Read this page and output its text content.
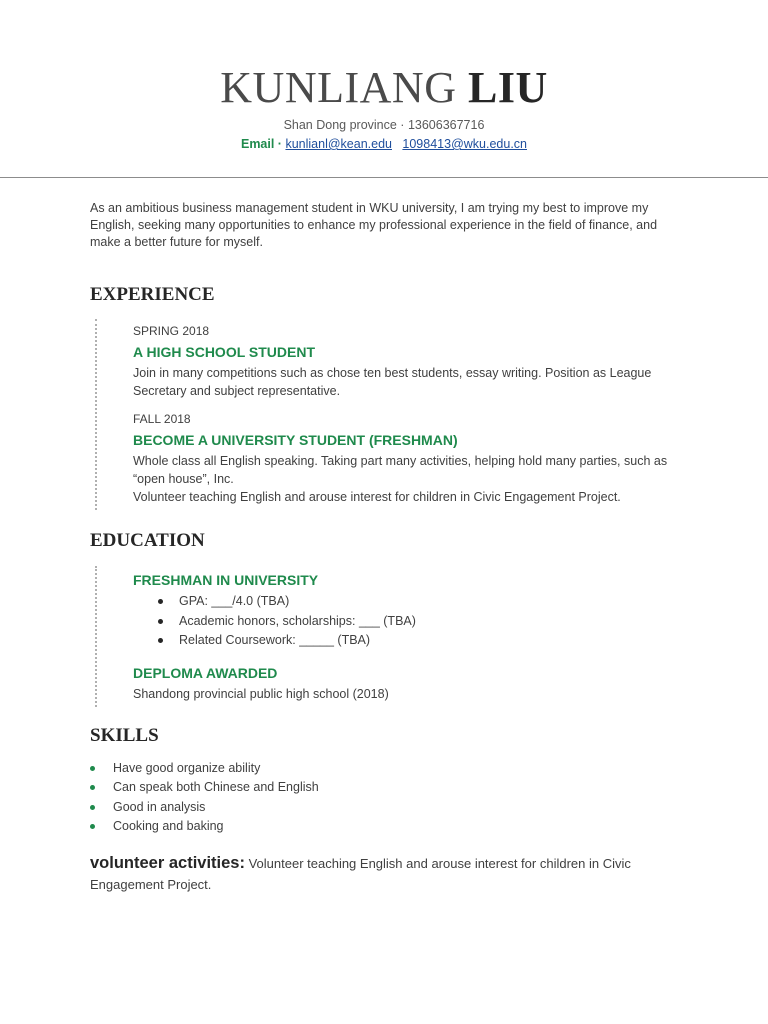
KUNLIANG LIU
Shan Dong province · 13606367716
Email · kunlianl@kean.edu 1098413@wku.edu.cn

As an ambitious business management student in WKU university, I am trying my best to improve my English, seeking many opportunities to enhance my professional experience in the field of finance, and make a better future for myself.

EXPERIENCE
SPRING 2018
A HIGH SCHOOL STUDENT
Join in many competitions such as chose ten best students, essay writing. Position as League Secretary and subject representative.
FALL 2018
BECOME A UNIVERSITY STUDENT (FRESHMAN)
Whole class all English speaking. Taking part many activities, helping hold many parties, such as “open house”, Inc.
Volunteer teaching English and arouse interest for children in Civic Engagement Project.
EDUCATION
FRESHMAN IN UNIVERSITY
GPA: ___/4.0 (TBA)
Academic honors, scholarships: ___ (TBA)
Related Coursework: _____ (TBA)
DEPLOMA AWARDED
Shandong provincial public high school (2018)
SKILLS
Have good organize ability
Can speak both Chinese and English
Good in analysis
Cooking and baking

volunteer activities: Volunteer teaching English and arouse interest for children in Civic Engagement Project.
